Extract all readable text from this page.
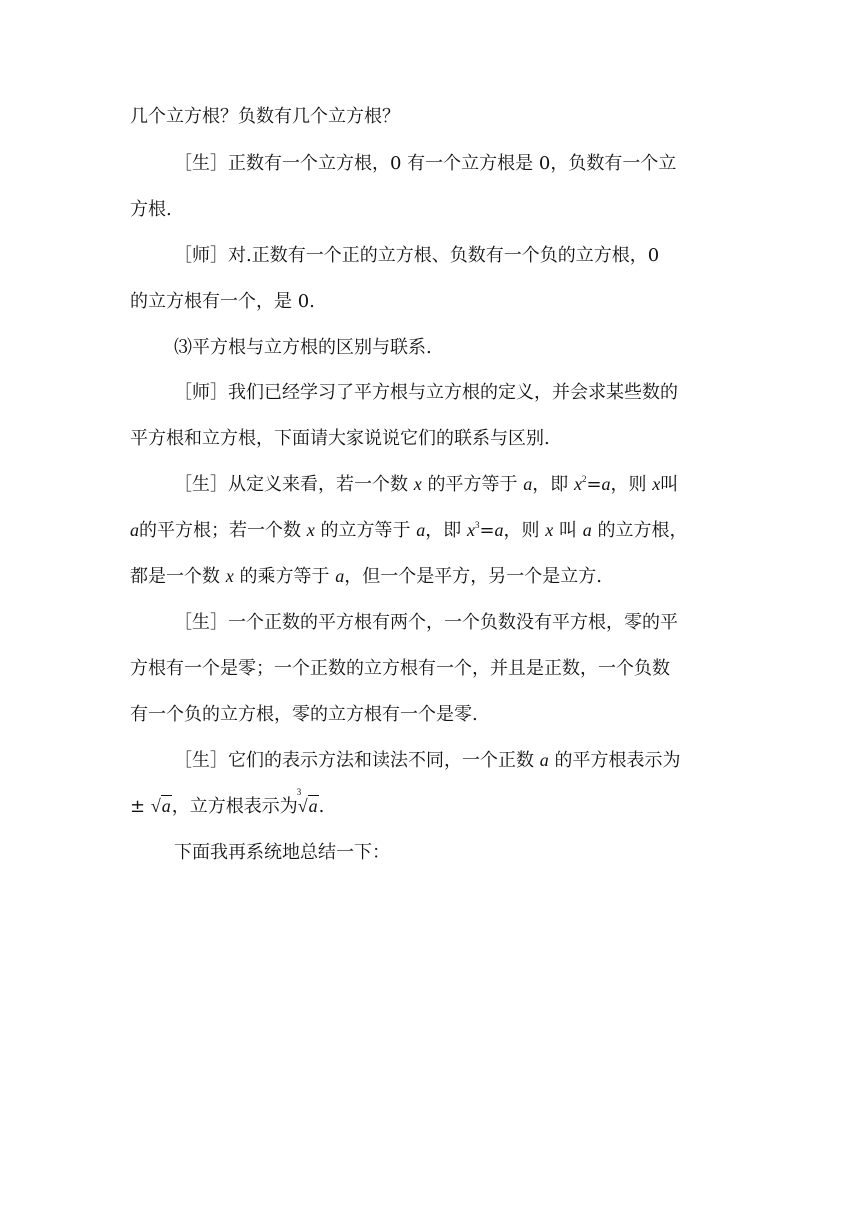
几个立方根？负数有几个立方根？
［生］正数有一个立方根，0 有一个立方根是 0，负数有一个立
方根.
［师］对.正数有一个正的立方根、负数有一个负的立方根，0
的立方根有一个，是 0.
⑶平方根与立方根的区别与联系.
［师］我们已经学习了平方根与立方根的定义，并会求某些数的
平方根和立方根，下面请大家说说它们的联系与区别.
［生］从定义来看，若一个数 x 的平方等于 a，即 $x^2=a$，则 x叫
a的平方根；若一个数 x 的立方等于 a，即 $x^3=a$，则 x 叫 a 的立方根，
都是一个数 x 的乘方等于 a，但一个是平方，另一个是立方.
［生］一个正数的平方根有两个，一个负数没有平方根，零的平
方根有一个是零；一个正数的立方根有一个，并且是正数，一个负数
有一个负的立方根，零的立方根有一个是零.
［生］它们的表示方法和读法不同，一个正数 a 的平方根表示为
± √a，立方根表示为
3
√a.
下面我再系统地总结一下：
